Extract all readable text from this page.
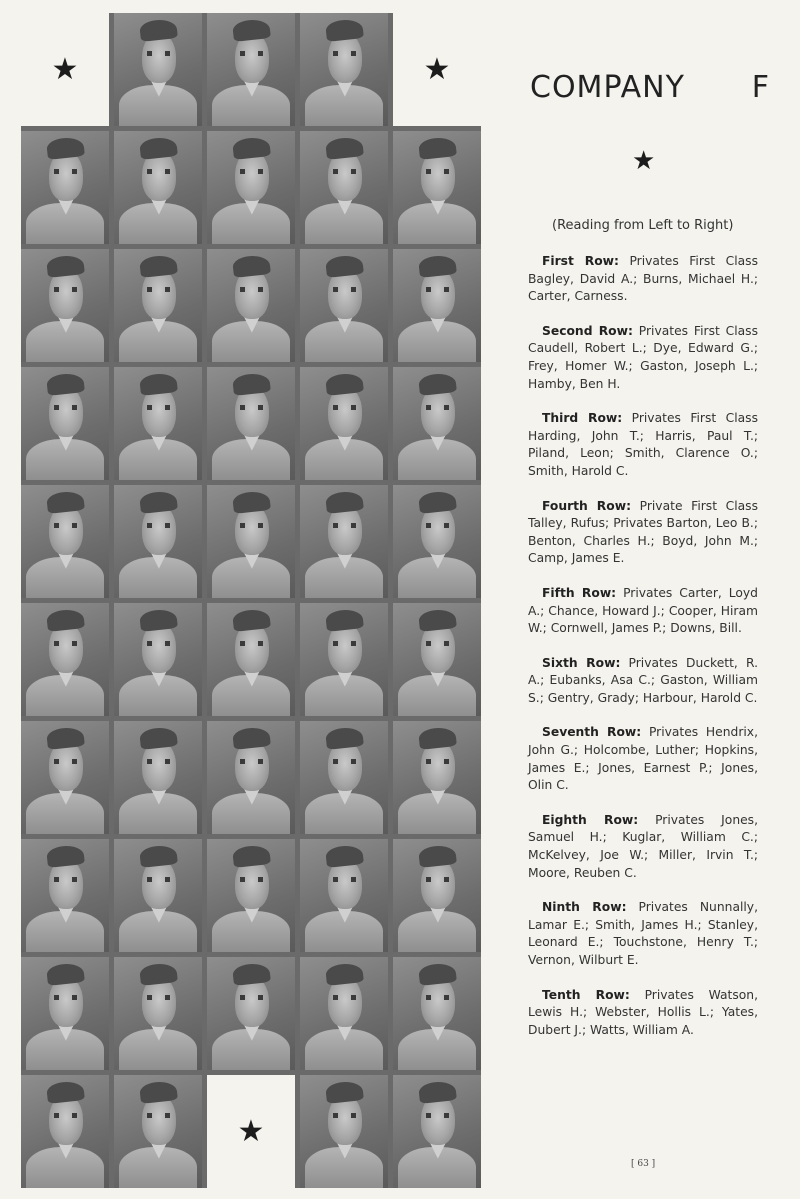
★	★
★
COMPANY F
★
(Reading from Left to Right)

First Row: Privates First Class Bagley, David A.; Burns, Michael H.; Carter, Carness.

Second Row: Privates First Class Caudell, Robert L.; Dye, Edward G.; Frey, Homer W.; Gaston, Joseph L.; Hamby, Ben H.

Third Row: Privates First Class Harding, John T.; Harris, Paul T.; Piland, Leon; Smith, Clarence O.; Smith, Harold C.

Fourth Row: Private First Class Talley, Rufus; Privates Barton, Leo B.; Benton, Charles H.; Boyd, John M.; Camp, James E.

Fifth Row: Privates Carter, Loyd A.; Chance, Howard J.; Cooper, Hiram W.; Cornwell, James P.; Downs, Bill.

Sixth Row: Privates Duckett, R. A.; Eubanks, Asa C.; Gaston, William S.; Gentry, Grady; Harbour, Harold C.

Seventh Row: Privates Hendrix, John G.; Holcombe, Luther; Hopkins, James E.; Jones, Earnest P.; Jones, Olin C.

Eighth Row: Privates Jones, Samuel H.; Kuglar, William C.; McKelvey, Joe W.; Miller, Irvin T.; Moore, Reuben C.

Ninth Row: Privates Nunnally, Lamar E.; Smith, James H.; Stanley, Leonard E.; Touchstone, Henry T.; Vernon, Wilburt E.

Tenth Row: Privates Watson, Lewis H.; Webster, Hollis L.; Yates, Dubert J.; Watts, William A.

[ 63 ]
